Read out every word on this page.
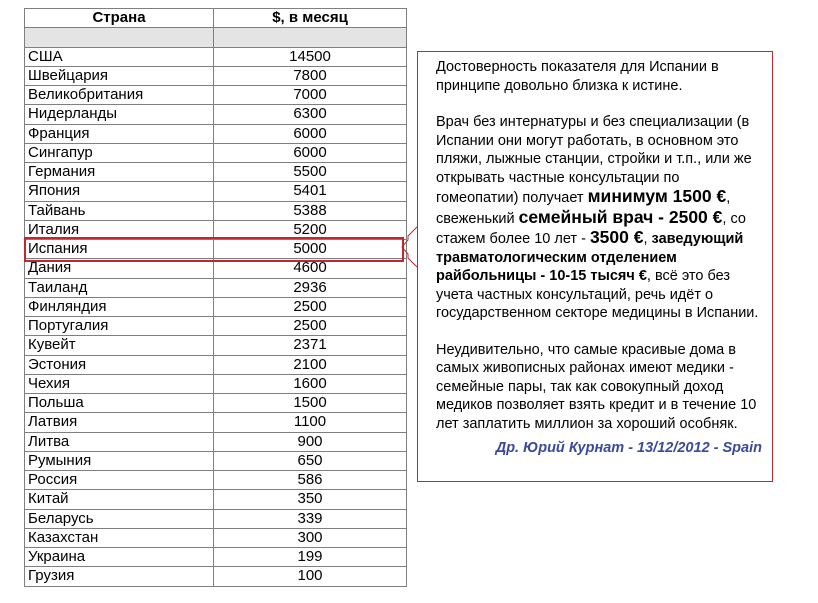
Страна	$, в месяц

США	14500
Швейцария	7800
Великобритания	7000
Нидерланды	6300
Франция	6000
Сингапур	6000
Германия	5500
Япония	5401
Тайвань	5388
Италия	5200
Испания	5000
Дания	4600
Таиланд	2936
Финляндия	2500
Португалия	2500
Кувейт	2371
Эстония	2100
Чехия	1600
Польша	1500
Латвия	1100
Литва	900
Румыния	650
Россия	586
Китай	350
Беларусь	339
Казахстан	300
Украина	199
Грузия	100

Достоверность показателя для Испании в принципе довольно близка к истине.

Врач без интернатуры и без специализации (в Испании они могут работать, в основном это пляжи, лыжные станции, стройки и т.п., или же открывать частные консультации по гомеопатии) получает минимум 1500 €, свеженький семейный врач - 2500 €, со стажем более 10 лет - 3500 €, заведующий травматологическим отделением райбольницы - 10-15 тысяч €, всё это без учета частных консультаций, речь идёт о государственном секторе медицины в Испании.

Неудивительно, что самые красивые дома в самых живописных районах имеют медики - семейные пары, так как совокупный доход медиков позволяет взять кредит и в течение 10 лет заплатить миллион за хороший особняк.

Др. Юрий Курнат - 13/12/2012 - Spain
